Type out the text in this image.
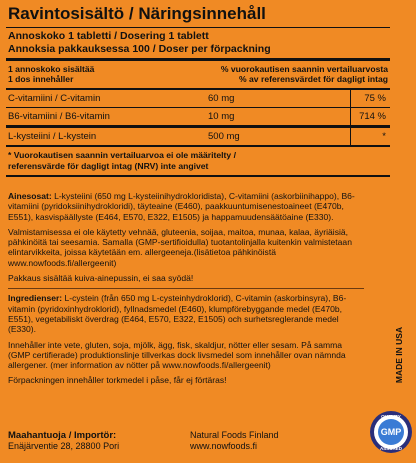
Ravintosisältö / Näringsinnehåll
Annoskoko 1 tabletti / Dosering 1 tablett
Annoksia pakkauksessa 100 / Doser per förpackning
1 annoskoko sisältää
1 dos innehåller
% vuorokautisen saannin vertailuarvosta
% av referensvärdet för dagligt intag
C-vitamiini / C-vitamin	60 mg	75 %
B6-vitamiini / B6-vitamin	10 mg	714 %
L-kysteiini / L-kystein	500 mg	*
* Vuorokautisen saannin vertailuarvoa ei ole määritelty /
referensvärde för dagligt intag (NRV) inte angivet

Ainesosat: L-kysteiini (650 mg L-kysteiinihydrokloridista), C-vitamiini (askorbiinihappo), B6-vitamiini (pyridoksiinihydrokloridi), täyteaine (E460), paakkuuntumisenestoaineet (E470b, E551), kasvispäällyste (E464, E570, E322, E1505) ja happamuudensäätöaine (E330).

Valmistamisessa ei ole käytetty vehnää, gluteenia, soijaa, maitoa, munaa, kalaa, äyriäisiä, pähkinöitä tai seesamia. Samalla (GMP-sertifioidulla) tuotantolinjalla kuitenkin valmistetaan elintarvikkeita, joissa käytetään em. allergeeneja.(lisätietoa pähkinöistä www.nowfoods.fi/allergeenit)

Pakkaus sisältää kuiva-ainepussin, ei saa syödä!

Ingredienser: L-cystein (från 650 mg L-cysteinhydroklorid), C-vitamin (askorbinsyra), B6-vitamin (pyridoxinhydroklorid), fyllnadsmedel (E460), klumpförebyggande medel (E470b, E551), vegetabiliskt överdrag (E464, E570, E322, E1505) och surhetsreglerande medel (E330).

Innehåller inte vete, gluten, soja, mjölk, ägg, fisk, skaldjur, nötter eller sesam. På samma (GMP certifierade) produktionslinje tillverkas dock livsmedel som innehåller ovan nämnda allergener. (mer information av nötter på www.nowfoods.fi/allergeenit)

Förpackningen innehåller torkmedel i påse, får ej förtäras!

Maahantuoja / Importör:
Enäjärventie 28, 28800 Pori
Natural Foods Finland
www.nowfoods.fi
MADE IN USA
GMP
QUALITY
ASSURED
